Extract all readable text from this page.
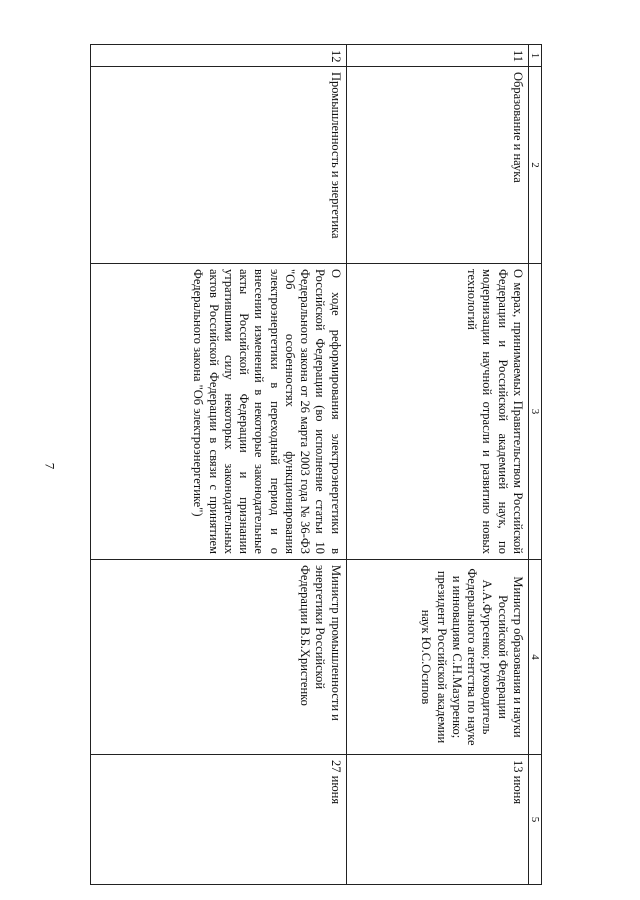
7
1	2	3	4	5
11	Образование и наука	О мерах, принимаемых Правительством Российской Федерации и Российской академией наук, по модернизации научной отрасли и развитию новых технологий	Министр образования и науки Российской Федерации А.А.Фурсенко; руководитель Федерального агентства по науке и инновациям С.Н.Мазуренко; президент Российской академии наук Ю.С.Осипов	13 июня
12	Промышленность и энергетика	О ходе реформирования электроэнергетики в Российской Федерации (во исполнение статьи 10 Федерального закона от 26 марта 2003 года № 36-ФЗ "Об особенностях функционирования электроэнергетики в переходный период и о внесении изменений в некоторые законодательные акты Российской Федерации и признании утратившими силу некоторых законодательных актов Российской Федерации в связи с принятием Федерального закона "Об электроэнергетике")	Министр промышленности и энергетики Российской Федерации В.Б.Христенко	27 июня
